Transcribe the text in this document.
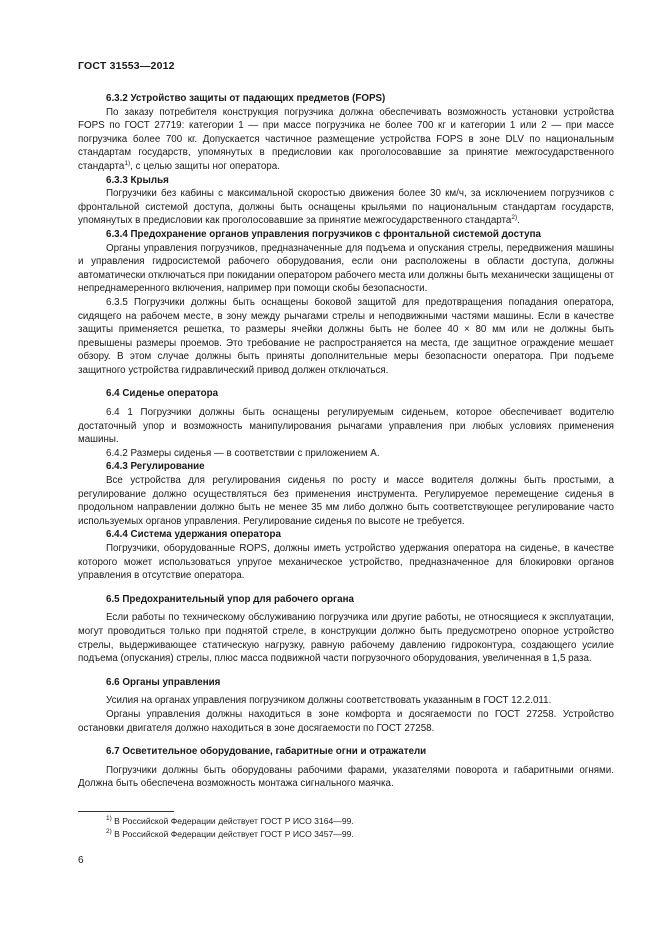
ГОСТ 31553—2012
6.3.2 Устройство защиты от падающих предметов (FOPS)

По заказу потребителя конструкция погрузчика должна обеспечивать возможность установки устройства FOPS по ГОСТ 27719: категории 1 — при массе погрузчика не более 700 кг и категории 1 или 2 — при массе погрузчика более 700 кг. Допускается частичное размещение устройства FOPS в зоне DLV по национальным стандартам государств, упомянутых в предисловии как проголосовавшие за принятие межгосударственного стандарта$^{1)}$, с целью защиты ног оператора.

6.3.3 Крылья

Погрузчики без кабины с максимальной скоростью движения более 30 км/ч, за исключением погрузчиков с фронтальной системой доступа, должны быть оснащены крыльями по национальным стандартам государств, упомянутых в предисловии как проголосовавшие за принятие межгосударственного стандарта$^{2)}$.

6.3.4 Предохранение органов управления погрузчиков с фронтальной системой доступа

Органы управления погрузчиков, предназначенные для подъема и опускания стрелы, передвижения машины и управления гидросистемой рабочего оборудования, если они расположены в области доступа, должны автоматически отключаться при покидании оператором рабочего места или должны быть механически защищены от непреднамеренного включения, например при помощи скобы безопасности.

6.3.5 Погрузчики должны быть оснащены боковой защитой для предотвращения попадания оператора, сидящего на рабочем месте, в зону между рычагами стрелы и неподвижными частями машины. Если в качестве защиты применяется решетка, то размеры ячейки должны быть не более 40 × 80 мм или не должны быть превышены размеры проемов. Это требование не распространяется на места, где защитное ограждение мешает обзору. В этом случае должны быть приняты дополнительные меры безопасности оператора. При подъеме защитного устройства гидравлический привод должен отключаться.

6.4 Сиденье оператора

6.4 1 Погрузчики должны быть оснащены регулируемым сиденьем, которое обеспечивает водителю достаточный упор и возможность манипулирования рычагами управления при любых условиях применения машины.

6.4.2 Размеры сиденья — в соответствии с приложением А.

6.4.3 Регулирование

Все устройства для регулирования сиденья по росту и массе водителя должны быть простыми, а регулирование должно осуществляться без применения инструмента. Регулируемое перемещение сиденья в продольном направлении должно быть не менее 35 мм либо должно быть соответствующее регулирование часто используемых органов управления. Регулирование сиденья по высоте не требуется.

6.4.4 Система удержания оператора

Погрузчики, оборудованные ROPS, должны иметь устройство удержания оператора на сиденье, в качестве которого может использоваться упругое механическое устройство, предназначенное для блокировки органов управления в отсутствие оператора.

6.5 Предохранительный упор для рабочего органа

Если работы по техническому обслуживанию погрузчика или другие работы, не относящиеся к эксплуатации, могут проводиться только при поднятой стреле, в конструкции должно быть предусмотрено опорное устройство стрелы, выдерживающее статическую нагрузку, равную рабочему давлению гидроконтура, создающего усилие подъема (опускания) стрелы, плюс масса подвижной части погрузочного оборудования, увеличенная в 1,5 раза.

6.6 Органы управления

Усилия на органах управления погрузчиком должны соответствовать указанным в ГОСТ 12.2.011.

Органы управления должны находиться в зоне комфорта и досягаемости по ГОСТ 27258. Устройство остановки двигателя должно находиться в зоне досягаемости по ГОСТ 27258.

6.7 Осветительное оборудование, габаритные огни и отражатели

Погрузчики должны быть оборудованы рабочими фарами, указателями поворота и габаритными огнями. Должна быть обеспечена возможность монтажа сигнального маячка.

$^{1)}$ В Российской Федерации действует ГОСТ Р ИСО 3164—99.
$^{2)}$ В Российской Федерации действует ГОСТ Р ИСО 3457—99.
6
